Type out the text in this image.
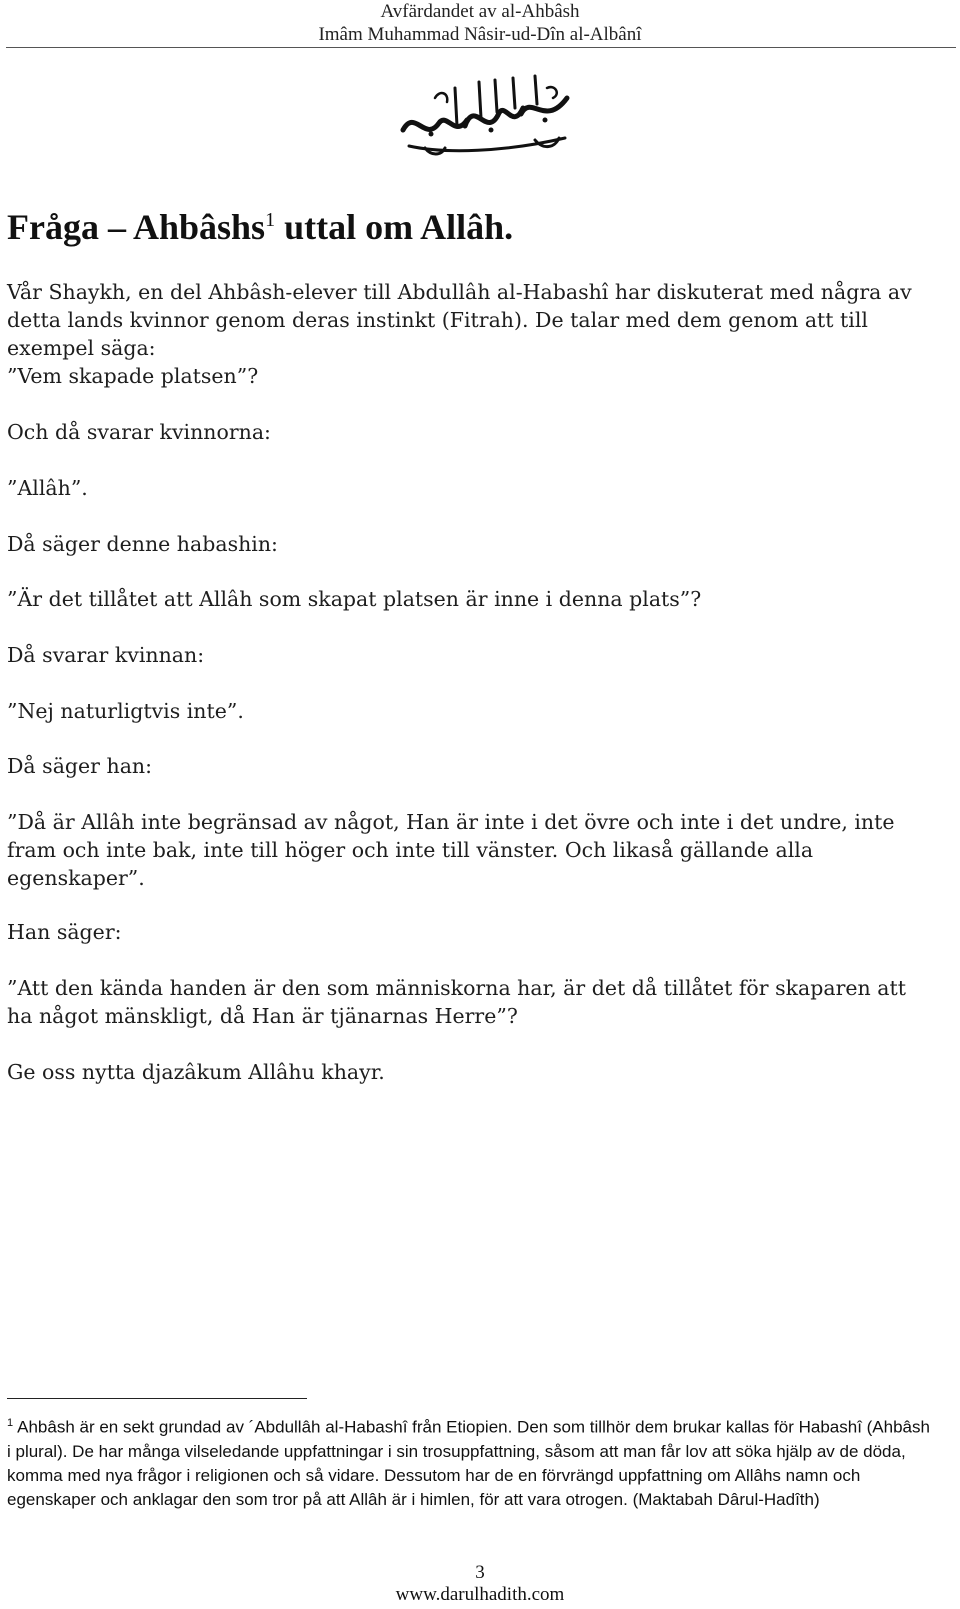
Avfärdandet av al-Ahbâsh
Imâm Muhammad Nâsir-ud-Dîn al-Albânî
Fråga – Ahbâshs$^1$ uttal om Allâh.

Vår Shaykh, en del Ahbâsh-elever till Abdullâh al-Habashî har diskuterat med några av detta lands kvinnor genom deras instinkt (Fitrah). De talar med dem genom att till exempel säga:

”Vem skapade platsen”?

Och då svarar kvinnorna:

”Allâh”.

Då säger denne habashin:

”Är det tillåtet att Allâh som skapat platsen är inne i denna plats”?

Då svarar kvinnan:

”Nej naturligtvis inte”.

Då säger han:

”Då är Allâh inte begränsad av något, Han är inte i det övre och inte i det undre, inte fram och inte bak, inte till höger och inte till vänster. Och likaså gällande alla egenskaper”.

Han säger:

”Att den kända handen är den som människorna har, är det då tillåtet för skaparen att ha något mänskligt, då Han är tjänarnas Herre”?

Ge oss nytta djazâkum Allâhu khayr.

$^1$ Ahbâsh är en sekt grundad av ´Abdullâh al-Habashî från Etiopien. Den som tillhör dem brukar kallas för Habashî (Ahbâsh i plural). De har många vilseledande uppfattningar i sin trosuppfattning, såsom att man får lov att söka hjälp av de döda, komma med nya frågor i religionen och så vidare. Dessutom har de en förvrängd uppfattning om Allâhs namn och egenskaper och anklagar den som tror på att Allâh är i himlen, för att vara otrogen. (Maktabah Dârul-Hadîth)

3
www.darulhadith.com
